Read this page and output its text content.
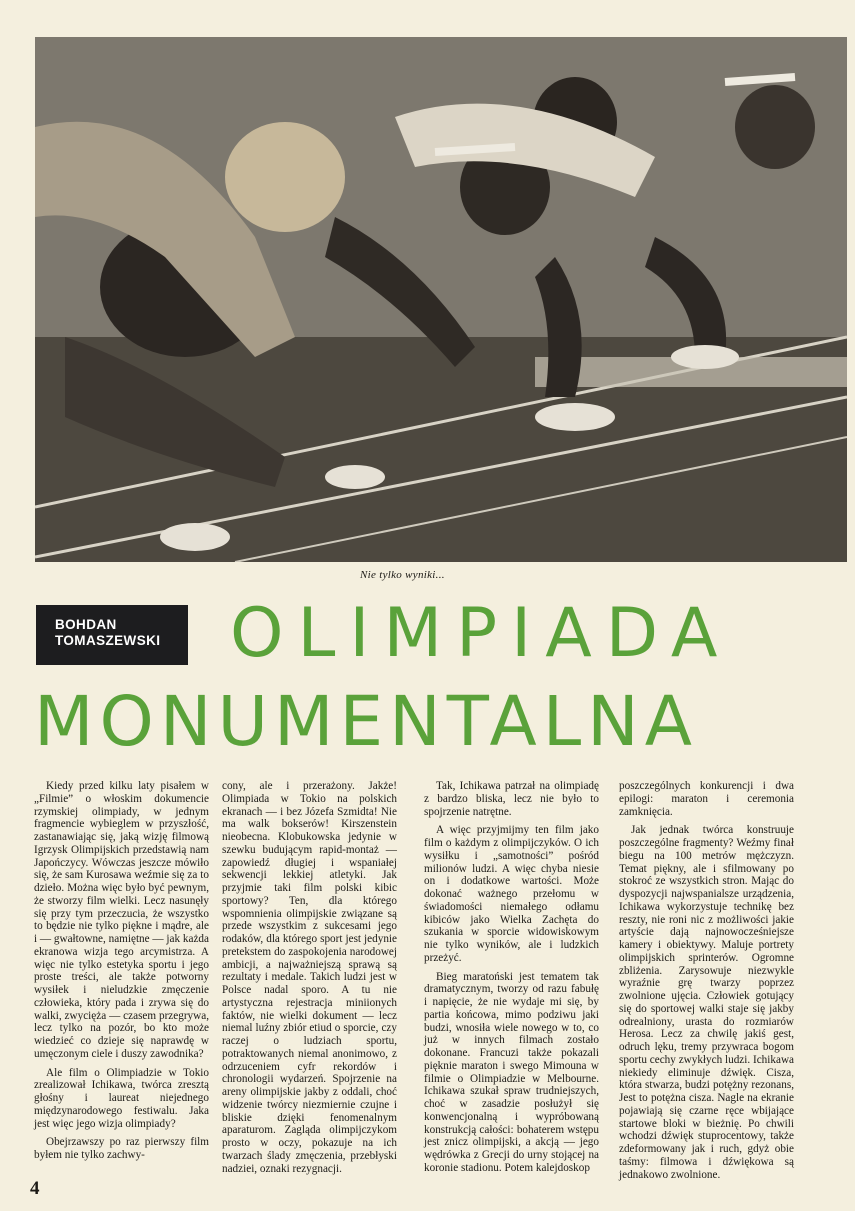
Nie tylko wyniki...
BOHDAN
TOMASZEWSKI	OLIMPIADA
MONUMENTALNA

Kiedy przed kilku laty pisałem w „Filmie” o włoskim dokumencie rzymskiej olimpiady, w jednym fragmencie wybieglem w przyszłość, zastanawiając się, jaką wizję filmową Igrzysk Olimpijskich przedstawią nam Japończycy. Wówczas jeszcze mówiło się, że sam Kurosawa weźmie się za to dzieło. Można więc było być pewnym, że stworzy film wielki. Lecz nasunęły się przy tym przeczucia, że wszystko to będzie nie tylko piękne i mądre, ale i — gwałtowne, namiętne — jak każda ekranowa wizja tego arcymistrza. A więc nie tylko estetyka sportu i jego proste treści, ale także potworny wysiłek i nieludzkie zmęczenie człowieka, który pada i zrywa się do walki, zwycięża — czasem przegrywa, lecz tylko na pozór, bo kto może wiedzieć co dzieje się naprawdę w umęczonym ciele i duszy zawodnika?

Ale film o Olimpiadzie w Tokio zrealizował Ichikawa, twórca zresztą głośny i laureat niejednego międzynarodowego festiwalu. Jaka jest więc jego wizja olimpiady?

Obejrzawszy po raz pierwszy film byłem nie tylko zachwy-

cony, ale i przerażony. Jakże! Olimpiada w Tokio na polskich ekranach — i bez Józefa Szmidta! Nie ma walk bokserów! Kirszenstein nieobecna. Klobukowska jedynie w szewku budującym rapid-montaż — zapowiedź długiej i wspaniałej sekwencji lekkiej atletyki. Jak przyjmie taki film polski kibic sportowy? Ten, dla którego wspomnienia olimpijskie związane są przede wszystkim z sukcesami jego rodaków, dla którego sport jest jedynie pretekstem do zaspokojenia narodowej ambicji, a najważniejszą sprawą są rezultaty i medale. Takich ludzi jest w Polsce nadal sporo. A tu nie artystyczna rejestracja miniionych faktów, nie wielki dokument — lecz niemal luźny zbiór etiud o sporcie, czy raczej o ludziach sportu, potraktowanych niemal anonimowo, z odrzuceniem cyfr rekordów i chronologii wydarzeń. Spojrzenie na areny olimpijskie jakby z oddali, choć widzenie twórcy niezmiernie czujne i bliskie dzięki fenomenalnym aparaturom. Zagląda olimpijczykom prosto w oczy, pokazuje na ich twarzach ślady zmęczenia, przebłyski nadziei, oznaki rezygnacji.

Tak, Ichikawa patrzał na olimpiadę z bardzo bliska, lecz nie było to spojrzenie natrętne.

A więc przyjmijmy ten film jako film o każdym z olimpijczyków. O ich wysiłku i „samotności” pośród milionów ludzi. A więc chyba niesie on i dodatkowe wartości. Może dokonać ważnego przełomu w świadomości niemałego odłamu kibiców jako Wielka Zachęta do szukania w sporcie widowiskowym nie tylko wyników, ale i ludzkich przeżyć.

Bieg maratoński jest tematem tak dramatycznym, tworzy od razu fabułę i napięcie, że nie wydaje mi się, by partia końcowa, mimo podziwu jaki budzi, wnosiła wiele nowego w to, co już w innych filmach zostało dokonane. Francuzi także pokazali pięknie maraton i swego Mimouna w filmie o Olimpiadzie w Melbourne. Ichikawa szukał spraw trudniejszych, choć w zasadzie posłużył się konwencjonalną i wypróbowaną konstrukcją całości: bohaterem wstępu jest znicz olimpijski, a akcją — jego wędrówka z Grecji do urny stojącej na koronie stadionu. Potem kalejdoskop

poszczególnych konkurencji i dwa epilogi: maraton i ceremonia zamknięcia.

Jak jednak twórca konstruuje poszczególne fragmenty? Weźmy finał biegu na 100 metrów mężczyzn. Temat piękny, ale i sfilmowany po stokroć ze wszystkich stron. Mając do dyspozycji najwspanialsze urządzenia, Ichikawa wykorzystuje technikę bez reszty, nie roni nic z możliwości jakie artyście dają najnowocześniejsze kamery i obiektywy. Maluje portrety olimpijskich sprinterów. Ogromne zbliżenia. Zarysowuje niezwykle wyraźnie grę twarzy poprzez zwolnione ujęcia. Człowiek gotujący się do sportowej walki staje się jakby odrealniony, urasta do rozmiarów Herosa. Lecz za chwilę jakiś gest, odruch lęku, tremy przywraca bogom sportu cechy zwykłych ludzi. Ichikawa niekiedy eliminuje dźwięk. Cisza, która stwarza, budzi potężny rezonans, Jest to potężna cisza. Nagle na ekranie pojawiają się czarne ręce wbijające startowe bloki w bieżnię. Po chwili wchodzi dźwięk stuprocentowy, także zdeformowany jak i ruch, gdyż obie taśmy: filmowa i dźwiękowa są jednakowo zwolnione.

4
